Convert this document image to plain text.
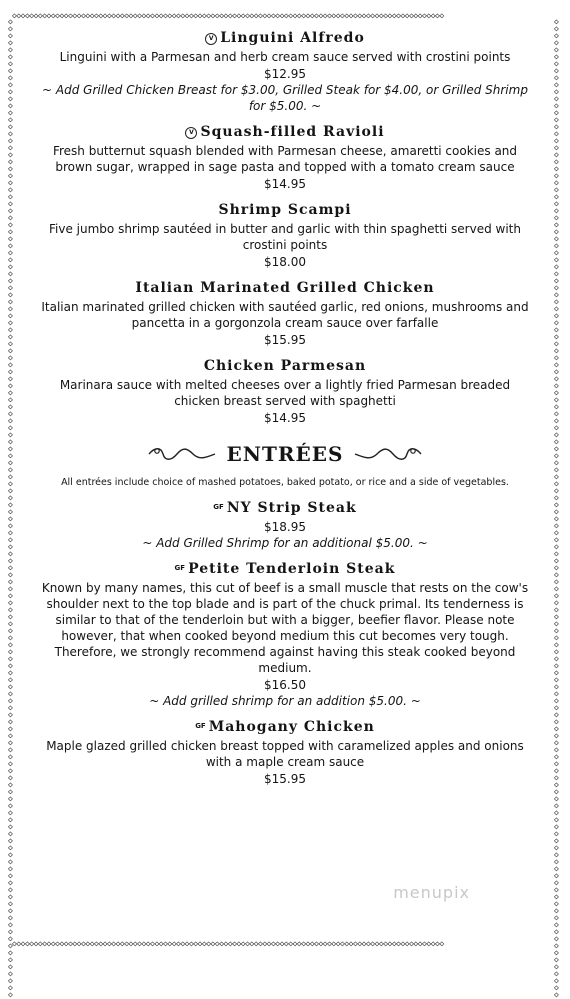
◇◇◇◇◇◇◇◇◇◇◇◇◇◇◇◇◇◇◇◇◇◇◇◇◇◇◇◇◇◇◇◇◇◇◇◇◇◇◇◇◇◇◇◇◇◇◇◇◇◇◇◇◇◇◇◇◇◇◇◇◇◇◇◇◇◇◇◇◇◇◇◇◇◇◇◇◇◇◇◇◇◇◇◇◇◇◇◇◇◇◇◇◇◇◇◇◇◇◇◇
◇◇◇◇◇◇◇◇◇◇◇◇◇◇◇◇◇◇◇◇◇◇◇◇◇◇◇◇◇◇◇◇◇◇◇◇◇◇◇◇◇◇◇◇◇◇◇◇◇◇◇◇◇◇◇◇◇◇◇◇◇◇◇◇◇◇◇◇◇◇◇◇◇◇◇◇◇◇◇◇◇◇◇◇◇◇◇◇◇◇◇◇◇◇◇◇◇◇◇◇
◇
◇
◇
◇
◇
◇
◇
◇
◇
◇
◇
◇
◇
◇
◇
◇
◇
◇
◇
◇
◇
◇
◇
◇
◇
◇
◇
◇
◇
◇
◇
◇
◇
◇
◇
◇
◇
◇
◇
◇
◇
◇
◇
◇
◇
◇
◇
◇
◇
◇
◇
◇
◇
◇
◇
◇
◇
◇
◇
◇
◇
◇
◇
◇
◇
◇
◇
◇
◇
◇
◇
◇
◇
◇
◇
◇
◇
◇
◇
◇
◇
◇
◇
◇
◇
◇
◇
◇
◇
◇
◇
◇
◇
◇
◇
◇
◇
◇
◇
◇
◇
◇
◇
◇
◇
◇
◇
◇
◇
◇
◇
◇
◇
◇
◇
◇
◇
◇
◇
◇
◇
◇
◇
◇
◇
◇
◇
◇
◇
◇
◇
◇
◇
◇
◇
◇
◇
◇
◇
◇
◇
◇
◇
◇
◇
◇
◇
◇
◇
◇
◇
◇
◇
◇
◇
◇
◇
◇
◇
◇
◇
◇
◇
◇
◇
◇
◇
◇
◇
◇
◇
◇
◇
◇
◇
◇
◇
◇
◇
◇
◇
◇
◇
◇
◇
◇
◇
◇
◇
◇
◇
◇
◇
◇
◇
◇
◇
◇
◇
◇
◇
◇
◇
◇
◇
◇
◇
◇
◇
◇
◇
◇
◇
◇
◇
◇
◇
◇
◇
◇
◇
◇
◇
◇
◇
◇
◇
◇
◇
◇
◇
◇
◇
◇
◇
◇
◇
◇
◇
◇
◇
◇
◇
◇
◇
◇
◇
◇
◇
◇
◇
◇
◇
◇
◇
◇
◇
◇
◇
◇
◇
◇
◇
◇
◇
◇
◇
◇
◇
◇
◇
◇
◇
◇
◇
◇
◇
◇
◇
◇
V Linguini Alfredo
Linguini with a Parmesan and herb cream sauce served with crostini points
$12.95
~ Add Grilled Chicken Breast for $3.00, Grilled Steak for $4.00, or Grilled Shrimp for $5.00. ~
V Squash-filled Ravioli
Fresh butternut squash blended with Parmesan cheese, amaretti cookies and brown sugar, wrapped in sage pasta and topped with a tomato cream sauce
$14.95
Shrimp Scampi
Five jumbo shrimp sautéed in butter and garlic with thin spaghetti served with crostini points
$18.00
Italian Marinated Grilled Chicken
Italian marinated grilled chicken with sautéed garlic, red onions, mushrooms and pancetta in a gorgonzola cream sauce over farfalle
$15.95
Chicken Parmesan
Marinara sauce with melted cheeses over a lightly fried Parmesan breaded chicken breast served with spaghetti
$14.95
ENTRÉES
All entrées include choice of mashed potatoes, baked potato, or rice and a side of vegetables.
$^{GF}$ NY Strip Steak
$18.95
~ Add Grilled Shrimp for an additional $5.00. ~
$^{GF}$ Petite Tenderloin Steak
Known by many names, this cut of beef is a small muscle that rests on the cow's shoulder next to the top blade and is part of the chuck primal. Its tenderness is similar to that of the tenderloin but with a bigger, beefier flavor. Please note however, that when cooked beyond medium this cut becomes very tough. Therefore, we strongly recommend against having this steak cooked beyond medium.
$16.50
~ Add grilled shrimp for an addition $5.00. ~
$^{GF}$ Mahogany Chicken
Maple glazed grilled chicken breast topped with caramelized apples and onions with a maple cream sauce
$15.95
menupix
